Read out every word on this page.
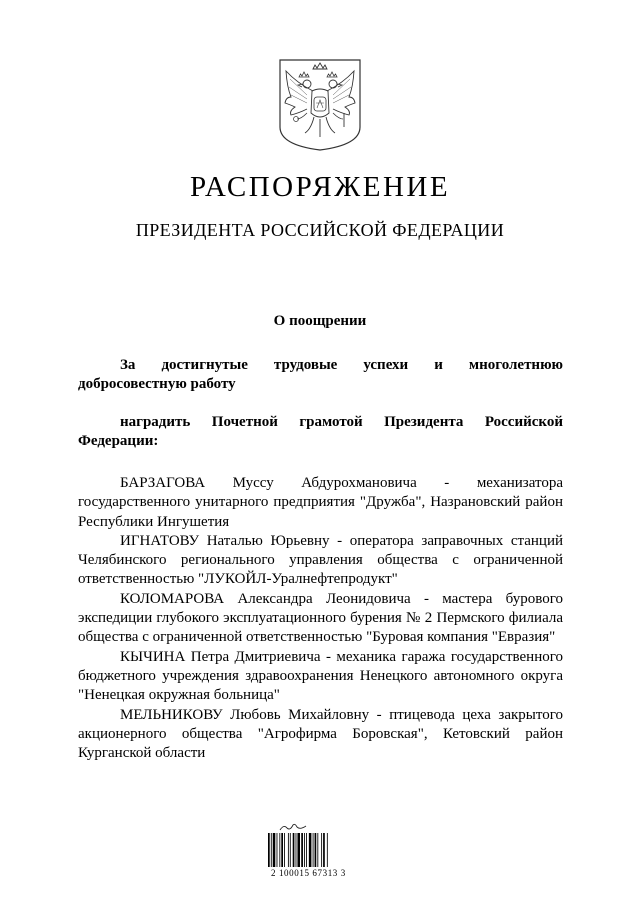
РАСПОРЯЖЕНИЕ
ПРЕЗИДЕНТА РОССИЙСКОЙ ФЕДЕРАЦИИ
О поощрении
За достигнутые трудовые успехи и многолетнюю добросовестную работу
наградить Почетной грамотой Президента Российской Федерации:

БАРЗАГОВА Муссу Абдурохмановича - механизатора государственного унитарного предприятия "Дружба", Назрановский район Республики Ингушетия

ИГНАТОВУ Наталью Юрьевну - оператора заправочных станций Челябинского регионального управления общества с ограниченной ответственностью "ЛУКОЙЛ-Уралнефтепродукт"

КОЛОМАРОВА Александра Леонидовича - мастера бурового экспедиции глубокого эксплуатационного бурения № 2 Пермского филиала общества с ограниченной ответственностью "Буровая компания "Евразия"

КЫЧИНА Петра Дмитриевича - механика гаража государственного бюджетного учреждения здравоохранения Ненецкого автономного округа "Ненецкая окружная больница"

МЕЛЬНИКОВУ Любовь Михайловну - птицевода цеха закрытого акционерного общества "Агрофирма Боровская", Кетовский район Курганской области

2 100015 67313 3
